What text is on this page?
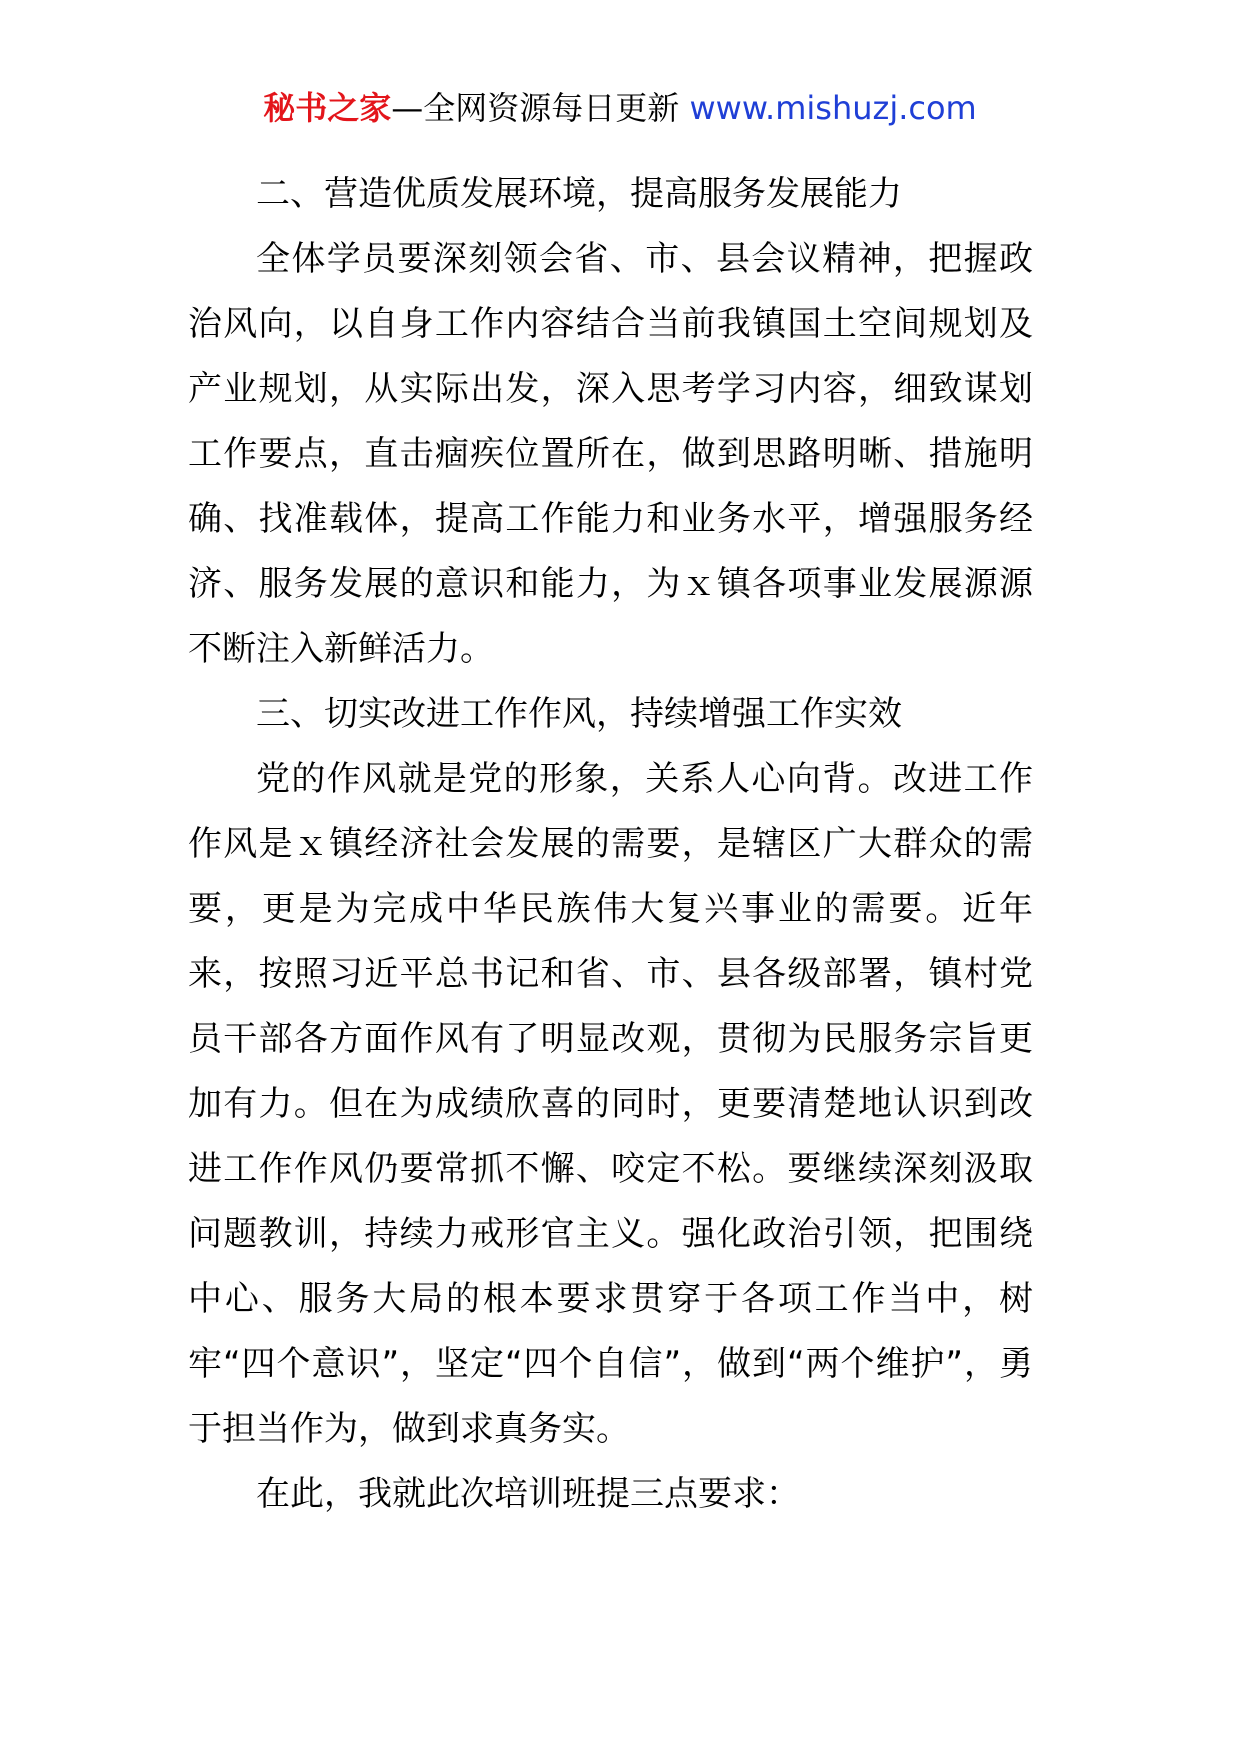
秘书之家—全网资源每日更新 www.mishuzj.com

二、营造优质发展环境，提高服务发展能力

全体学员要深刻领会省、市、县会议精神，把握政治风向，以自身工作内容结合当前我镇国土空间规划及产业规划，从实际出发，深入思考学习内容，细致谋划工作要点，直击痼疾位置所在，做到思路明晰、措施明确、找准载体，提高工作能力和业务水平，增强服务经济、服务发展的意识和能力，为ｘ镇各项事业发展源源不断注入新鲜活力。

三、切实改进工作作风，持续增强工作实效

党的作风就是党的形象，关系人心向背。改进工作作风是ｘ镇经济社会发展的需要，是辖区广大群众的需要，更是为完成中华民族伟大复兴事业的需要。近年来，按照习近平总书记和省、市、县各级部署，镇村党员干部各方面作风有了明显改观，贯彻为民服务宗旨更加有力。但在为成绩欣喜的同时，更要清楚地认识到改进工作作风仍要常抓不懈、咬定不松。要继续深刻汲取问题教训，持续力戒形官主义。强化政治引领，把围绕中心、服务大局的根本要求贯穿于各项工作当中，树牢“四个意识”，坚定“四个自信”，做到“两个维护”，勇于担当作为，做到求真务实。

在此，我就此次培训班提三点要求：
